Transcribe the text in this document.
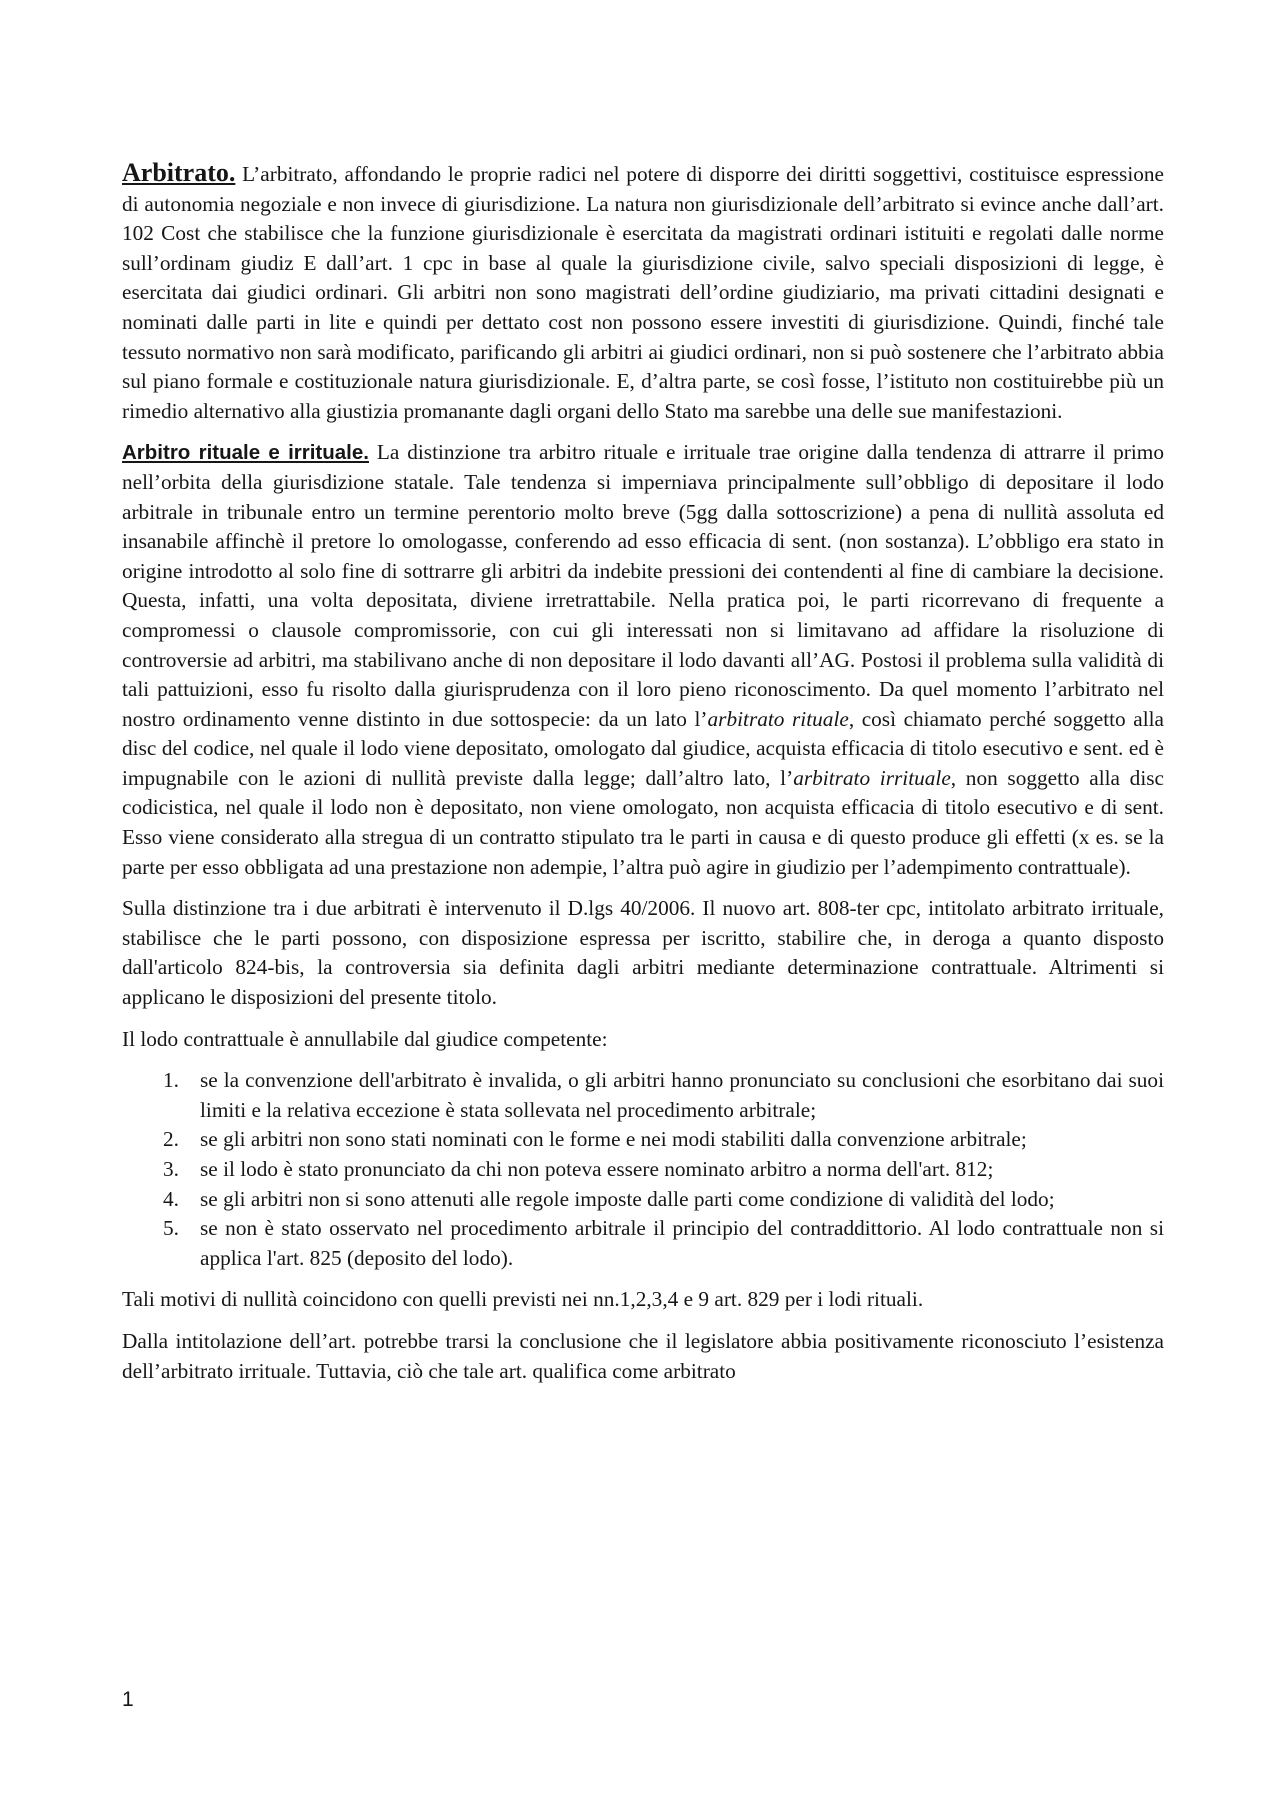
Arbitrato. L’arbitrato, affondando le proprie radici nel potere di disporre dei diritti soggettivi, costituisce espressione di autonomia negoziale e non invece di giurisdizione. La natura non giurisdizionale dell’arbitrato si evince anche dall’art. 102 Cost che stabilisce che la funzione giurisdizionale è esercitata da magistrati ordinari istituiti e regolati dalle norme sull’ordinam giudiz E dall’art. 1 cpc in base al quale la giurisdizione civile, salvo speciali disposizioni di legge, è esercitata dai giudici ordinari. Gli arbitri non sono magistrati dell’ordine giudiziario, ma privati cittadini designati e nominati dalle parti in lite e quindi per dettato cost non possono essere investiti di giurisdizione. Quindi, finché tale tessuto normativo non sarà modificato, parificando gli arbitri ai giudici ordinari, non si può sostenere che l’arbitrato abbia sul piano formale e costituzionale natura giurisdizionale. E, d’altra parte, se così fosse, l’istituto non costituirebbe più un rimedio alternativo alla giustizia promanante dagli organi dello Stato ma sarebbe una delle sue manifestazioni.

Arbitro rituale e irrituale. La distinzione tra arbitro rituale e irrituale trae origine dalla tendenza di attrarre il primo nell’orbita della giurisdizione statale. Tale tendenza si imperniava principalmente sull’obbligo di depositare il lodo arbitrale in tribunale entro un termine perentorio molto breve (5gg dalla sottoscrizione) a pena di nullità assoluta ed insanabile affinchè il pretore lo omologasse, conferendo ad esso efficacia di sent. (non sostanza). L’obbligo era stato in origine introdotto al solo fine di sottrarre gli arbitri da indebite pressioni dei contendenti al fine di cambiare la decisione. Questa, infatti, una volta depositata, diviene irretrattabile. Nella pratica poi, le parti ricorrevano di frequente a compromessi o clausole compromissorie, con cui gli interessati non si limitavano ad affidare la risoluzione di controversie ad arbitri, ma stabilivano anche di non depositare il lodo davanti all’AG. Postosi il problema sulla validità di tali pattuizioni, esso fu risolto dalla giurisprudenza con il loro pieno riconoscimento. Da quel momento l’arbitrato nel nostro ordinamento venne distinto in due sottospecie: da un lato l’arbitrato rituale, così chiamato perché soggetto alla disc del codice, nel quale il lodo viene depositato, omologato dal giudice, acquista efficacia di titolo esecutivo e sent. ed è impugnabile con le azioni di nullità previste dalla legge; dall’altro lato, l’arbitrato irrituale, non soggetto alla disc codicistica, nel quale il lodo non è depositato, non viene omologato, non acquista efficacia di titolo esecutivo e di sent. Esso viene considerato alla stregua di un contratto stipulato tra le parti in causa e di questo produce gli effetti (x es. se la parte per esso obbligata ad una prestazione non adempie, l’altra può agire in giudizio per l’adempimento contrattuale).

Sulla distinzione tra i due arbitrati è intervenuto il D.lgs 40/2006. Il nuovo art. 808-ter cpc, intitolato arbitrato irrituale, stabilisce che le parti possono, con disposizione espressa per iscritto, stabilire che, in deroga a quanto disposto dall'articolo 824-bis, la controversia sia definita dagli arbitri mediante determinazione contrattuale. Altrimenti si applicano le disposizioni del presente titolo.

Il lodo contrattuale è annullabile dal giudice competente:

1. se la convenzione dell'arbitrato è invalida, o gli arbitri hanno pronunciato su conclusioni che esorbitano dai suoi limiti e la relativa eccezione è stata sollevata nel procedimento arbitrale;
2. se gli arbitri non sono stati nominati con le forme e nei modi stabiliti dalla convenzione arbitrale;
3. se il lodo è stato pronunciato da chi non poteva essere nominato arbitro a norma dell'art. 812;
4. se gli arbitri non si sono attenuti alle regole imposte dalle parti come condizione di validità del lodo;
5. se non è stato osservato nel procedimento arbitrale il principio del contraddittorio. Al lodo contrattuale non si applica l'art. 825 (deposito del lodo).

Tali motivi di nullità coincidono con quelli previsti nei nn.1,2,3,4 e 9 art. 829 per i lodi rituali.

Dalla intitolazione dell’art. potrebbe trarsi la conclusione che il legislatore abbia positivamente riconosciuto l’esistenza dell’arbitrato irrituale. Tuttavia, ciò che tale art. qualifica come arbitrato

1
